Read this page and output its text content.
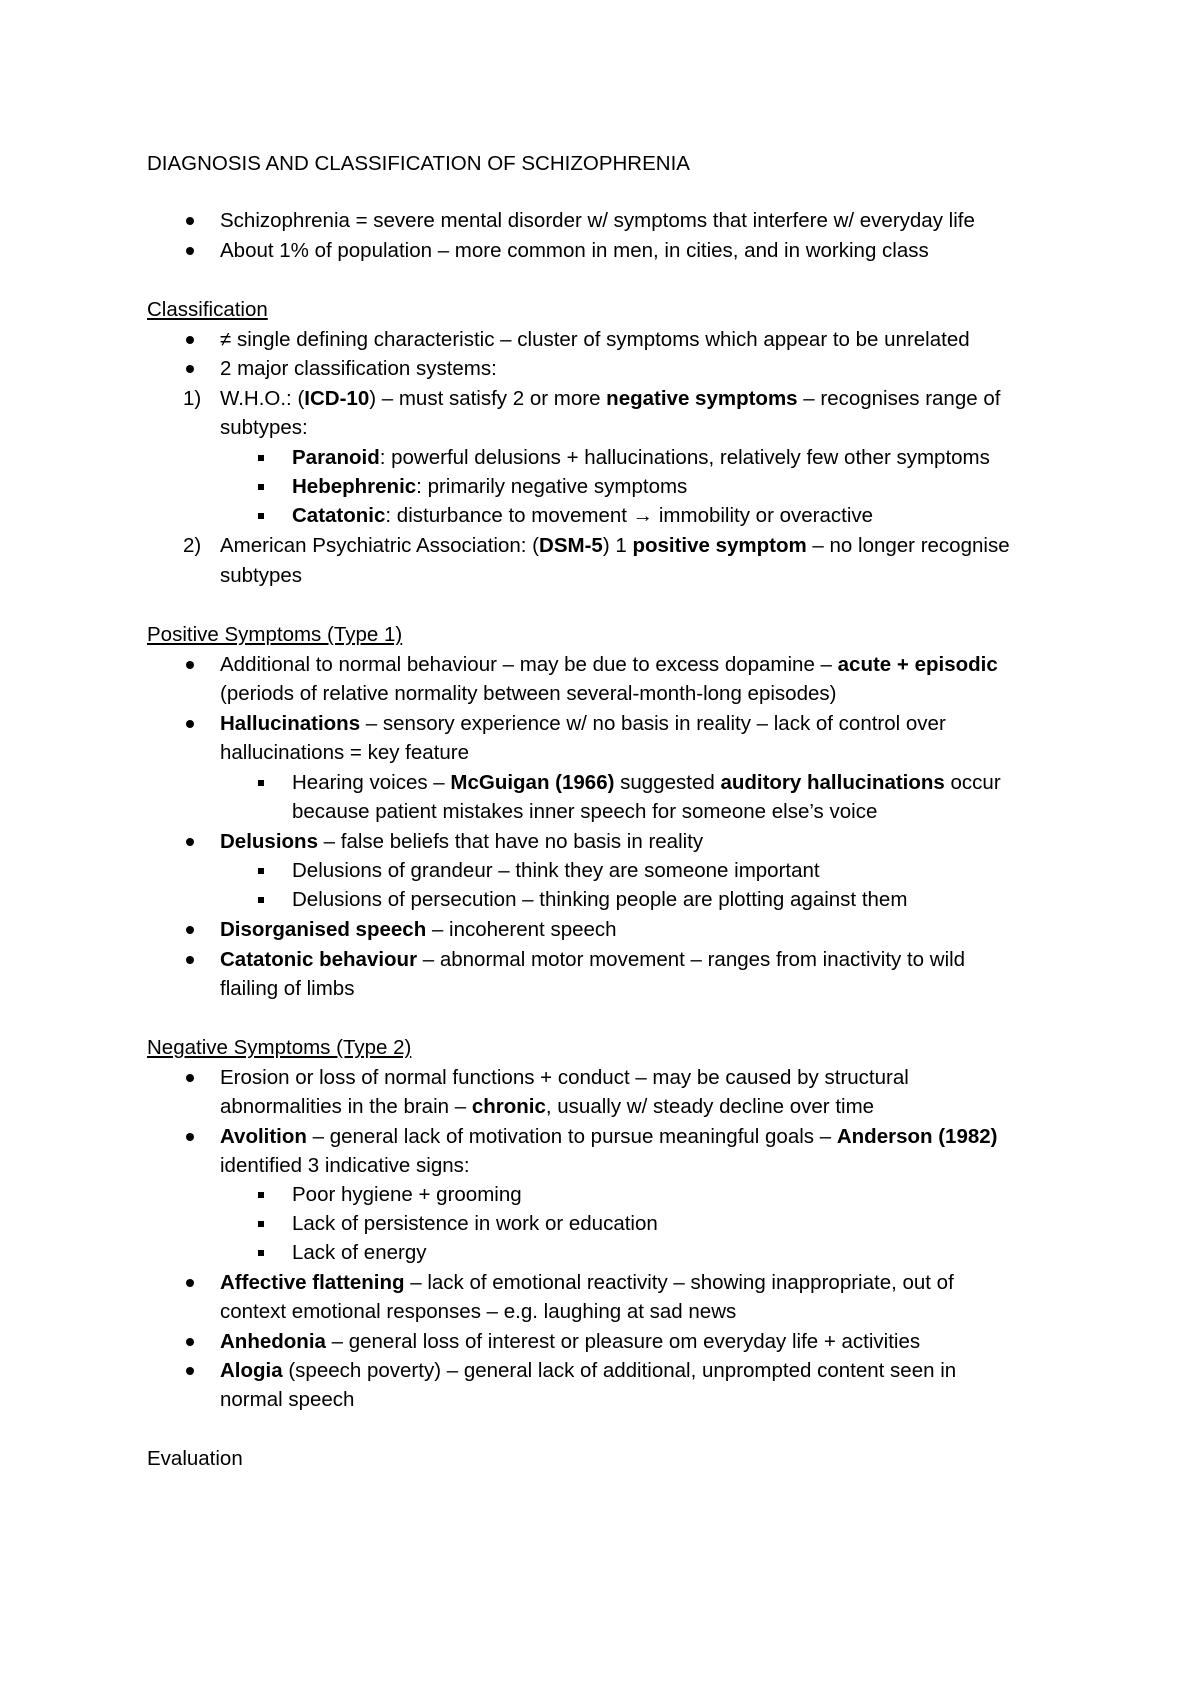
DIAGNOSIS AND CLASSIFICATION OF SCHIZOPHRENIA
Schizophrenia = severe mental disorder w/ symptoms that interfere w/ everyday life
About 1% of population – more common in men, in cities, and in working class
Classification
≠ single defining characteristic – cluster of symptoms which appear to be unrelated
2 major classification systems:
1) W.H.O.: (ICD-10) – must satisfy 2 or more negative symptoms – recognises range of
subtypes:
Paranoid: powerful delusions + hallucinations, relatively few other symptoms
Hebephrenic: primarily negative symptoms
Catatonic: disturbance to movement → immobility or overactive
2) American Psychiatric Association: (DSM-5) 1 positive symptom – no longer recognise
subtypes
Positive Symptoms (Type 1)
Additional to normal behaviour – may be due to excess dopamine – acute + episodic
(periods of relative normality between several-month-long episodes)
Hallucinations – sensory experience w/ no basis in reality – lack of control over
hallucinations = key feature
Hearing voices – McGuigan (1966) suggested auditory hallucinations occur
because patient mistakes inner speech for someone else’s voice
Delusions – false beliefs that have no basis in reality
Delusions of grandeur – think they are someone important
Delusions of persecution – thinking people are plotting against them
Disorganised speech – incoherent speech
Catatonic behaviour – abnormal motor movement – ranges from inactivity to wild
flailing of limbs
Negative Symptoms (Type 2)
Erosion or loss of normal functions + conduct – may be caused by structural
abnormalities in the brain – chronic, usually w/ steady decline over time
Avolition – general lack of motivation to pursue meaningful goals – Anderson (1982)
identified 3 indicative signs:
Poor hygiene + grooming
Lack of persistence in work or education
Lack of energy
Affective flattening – lack of emotional reactivity – showing inappropriate, out of
context emotional responses – e.g. laughing at sad news
Anhedonia – general loss of interest or pleasure om everyday life + activities
Alogia (speech poverty) – general lack of additional, unprompted content seen in
normal speech
Evaluation
